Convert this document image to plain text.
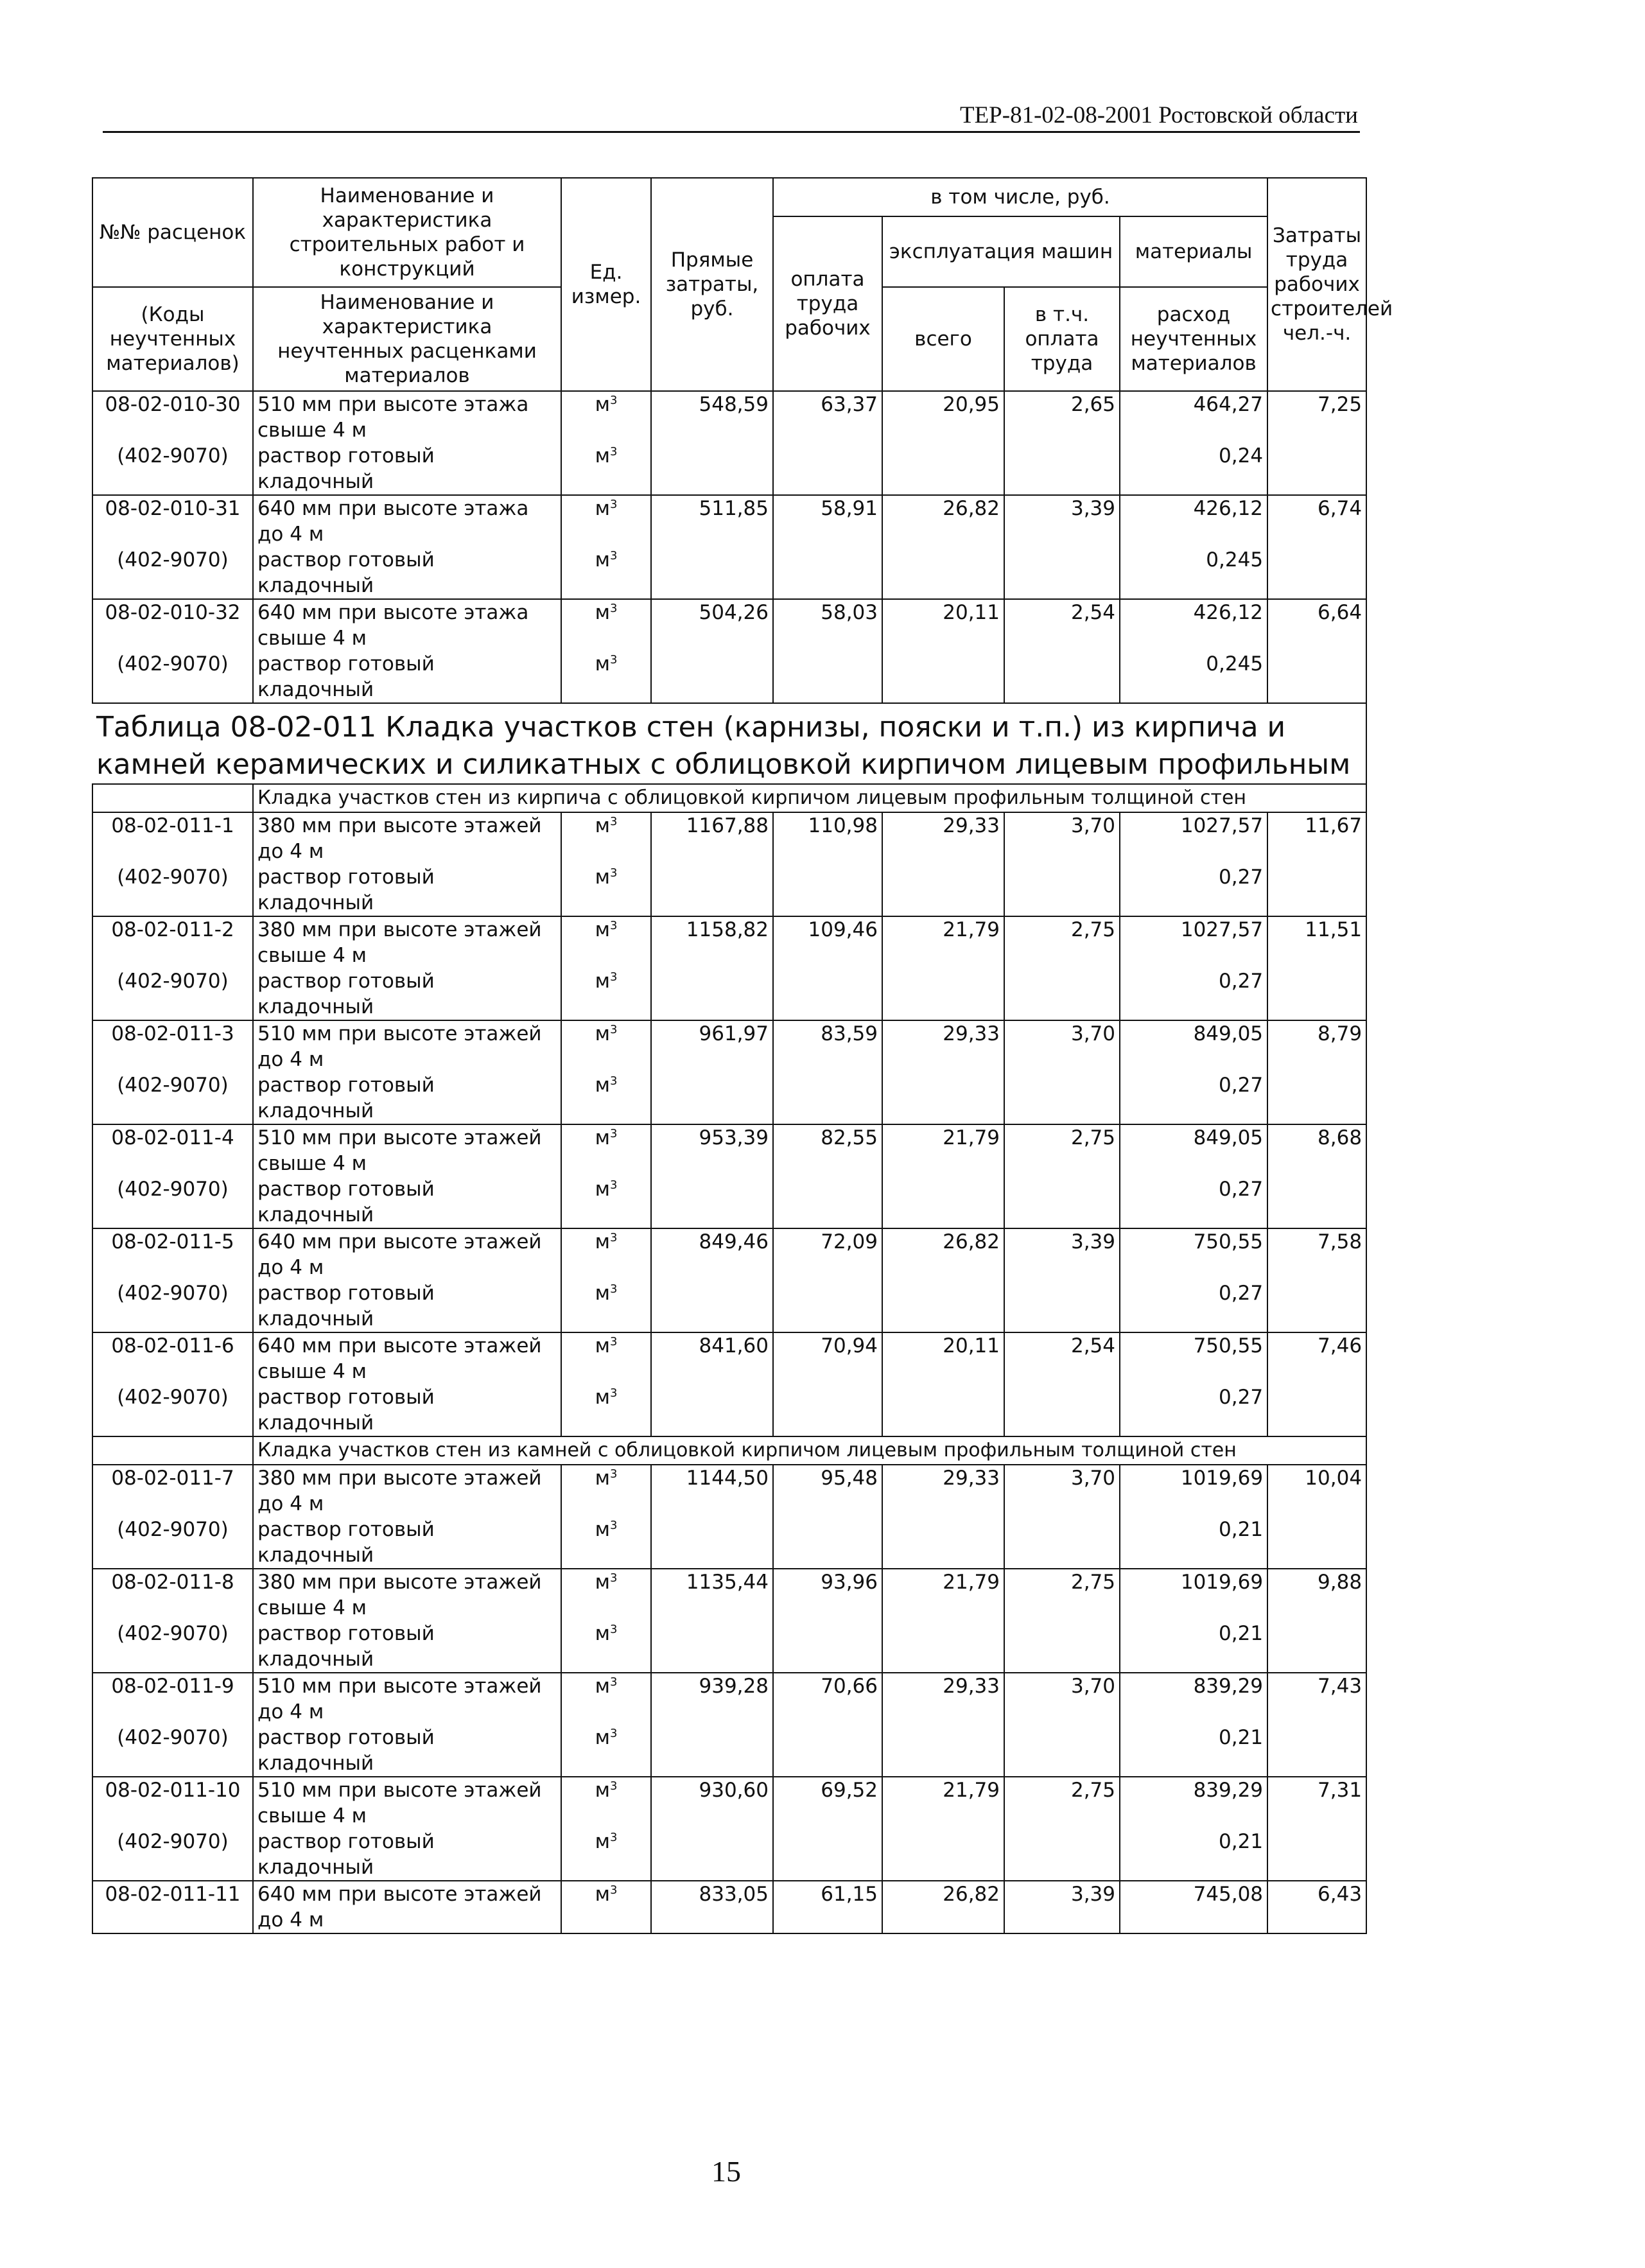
ТЕР-81-02-08-2001 Ростовской области
№№ расценок	Наименование и характеристика строительных работ и конструкций	Ед. измер.	Прямые затраты, руб.	в том числе, руб.				Затраты труда рабочих строителей чел.-ч.
				оплата труда рабочих	эксплуатация машин		материалы	
(Коды неучтенных материалов)	Наименование и характеристика неучтенных расценками материалов				всего	в т.ч. оплата труда	расход неучтенных материалов	

08-02-010-30	510 мм при высоте этажа свыше 4 м	$м^3$	548,59	63,37	20,95	2,65	464,27	7,25
(402-9070)	раствор готовый кладочный	$м^3$					0,24	
08-02-010-31	640 мм при высоте этажа до 4 м	$м^3$	511,85	58,91	26,82	3,39	426,12	6,74
(402-9070)	раствор готовый кладочный	$м^3$					0,245	
08-02-010-32	640 мм при высоте этажа свыше 4 м	$м^3$	504,26	58,03	20,11	2,54	426,12	6,64
(402-9070)	раствор готовый кладочный	$м^3$					0,245	
Таблица 08-02-011 Кладка участков стен (карнизы, пояски и т.п.) из кирпича и камней керамических и силикатных с облицовкой кирпичом лицевым профильным								
	Кладка участков стен из кирпича с облицовкой кирпичом лицевым профильным толщиной стен							
08-02-011-1	380 мм при высоте этажей до 4 м	$м^3$	1167,88	110,98	29,33	3,70	1027,57	11,67
(402-9070)	раствор готовый кладочный	$м^3$					0,27	
08-02-011-2	380 мм при высоте этажей свыше 4 м	$м^3$	1158,82	109,46	21,79	2,75	1027,57	11,51
(402-9070)	раствор готовый кладочный	$м^3$					0,27	
08-02-011-3	510 мм при высоте этажей до 4 м	$м^3$	961,97	83,59	29,33	3,70	849,05	8,79
(402-9070)	раствор готовый кладочный	$м^3$					0,27	
08-02-011-4	510 мм при высоте этажей свыше 4 м	$м^3$	953,39	82,55	21,79	2,75	849,05	8,68
(402-9070)	раствор готовый кладочный	$м^3$					0,27	
08-02-011-5	640 мм при высоте этажей до 4 м	$м^3$	849,46	72,09	26,82	3,39	750,55	7,58
(402-9070)	раствор готовый кладочный	$м^3$					0,27	
08-02-011-6	640 мм при высоте этажей свыше 4 м	$м^3$	841,60	70,94	20,11	2,54	750,55	7,46
(402-9070)	раствор готовый кладочный	$м^3$					0,27	
	Кладка участков стен из камней с облицовкой кирпичом лицевым профильным толщиной стен							
08-02-011-7	380 мм при высоте этажей до 4 м	$м^3$	1144,50	95,48	29,33	3,70	1019,69	10,04
(402-9070)	раствор готовый кладочный	$м^3$					0,21	
08-02-011-8	380 мм при высоте этажей свыше 4 м	$м^3$	1135,44	93,96	21,79	2,75	1019,69	9,88
(402-9070)	раствор готовый кладочный	$м^3$					0,21	
08-02-011-9	510 мм при высоте этажей до 4 м	$м^3$	939,28	70,66	29,33	3,70	839,29	7,43
(402-9070)	раствор готовый кладочный	$м^3$					0,21	
08-02-011-10	510 мм при высоте этажей свыше 4 м	$м^3$	930,60	69,52	21,79	2,75	839,29	7,31
(402-9070)	раствор готовый кладочный	$м^3$					0,21	
08-02-011-11	640 мм при высоте этажей до 4 м	$м^3$	833,05	61,15	26,82	3,39	745,08	6,43
15
